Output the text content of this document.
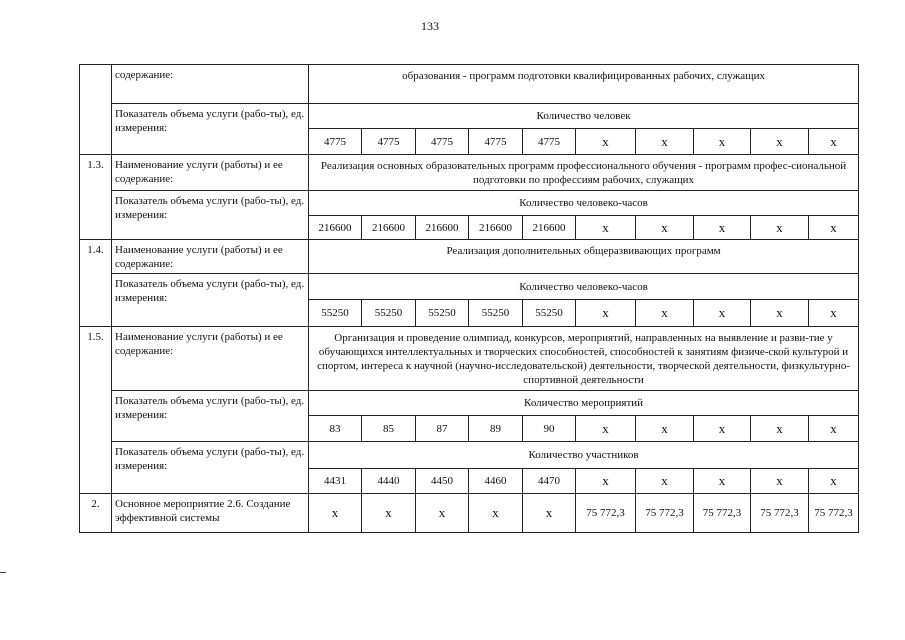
133
	содержание:	образования - программ подготовки квалифицированных рабочих, служащих									
	Показатель объема услуги (рабо-ты), ед. измерения:	Количество человек									
		4775	4775	4775	4775	4775	х	х	х	х	х
1.3.	Наименование услуги (работы) и ее содержание:	Реализация основных образовательных программ профессионального обучения - программ профес-сиональной подготовки по профессиям рабочих, служащих									
	Показатель объема услуги (рабо-ты), ед. измерения:	Количество человеко-часов									
		216600	216600	216600	216600	216600	х	х	х	х	х
1.4.	Наименование услуги (работы) и ее содержание:	Реализация дополнительных общеразвивающих программ									
	Показатель объема услуги (рабо-ты), ед. измерения:	Количество человеко-часов									
		55250	55250	55250	55250	55250	х	х	х	х	х
1.5.	Наименование услуги (работы) и ее содержание:	Организация и проведение олимпиад, конкурсов, мероприятий, направленных на выявление и разви-тие у обучающихся интеллектуальных и творческих способностей, способностей к занятиям физиче-ской культурой и спортом, интереса к научной (научно-исследовательской) деятельности, творческой деятельности, физкультурно-спортивной деятельности									
	Показатель объема услуги (рабо-ты), ед. измерения:	Количество мероприятий									
		83	85	87	89	90	х	х	х	х	х
	Показатель объема услуги (рабо-ты), ед. измерения:	Количество участников									
		4431	4440	4450	4460	4470	х	х	х	х	х
2.	Основное мероприятие 2.6. Создание эффективной системы	х	х	х	х	х	75 772,3	75 772,3	75 772,3	75 772,3	75 772,3
